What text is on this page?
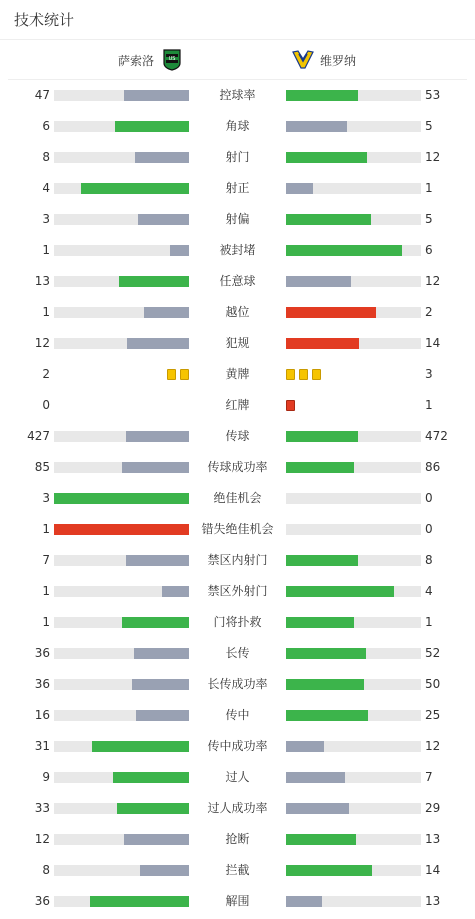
技术统计
萨索洛	US	维罗纳
47	控球率	53
6	角球	5
8	射门	12
4	射正	1
3	射偏	5
1	被封堵	6
13	任意球	12
1	越位	2
12	犯规	14
2	黄牌	3
0	红牌	1
427	传球	472
85	传球成功率	86
3	绝佳机会	0
1	错失绝佳机会	0
7	禁区内射门	8
1	禁区外射门	4
1	门将扑救	1
36	长传	52
36	长传成功率	50
16	传中	25
31	传中成功率	12
9	过人	7
33	过人成功率	29
12	抢断	13
8	拦截	14
36	解围	13
